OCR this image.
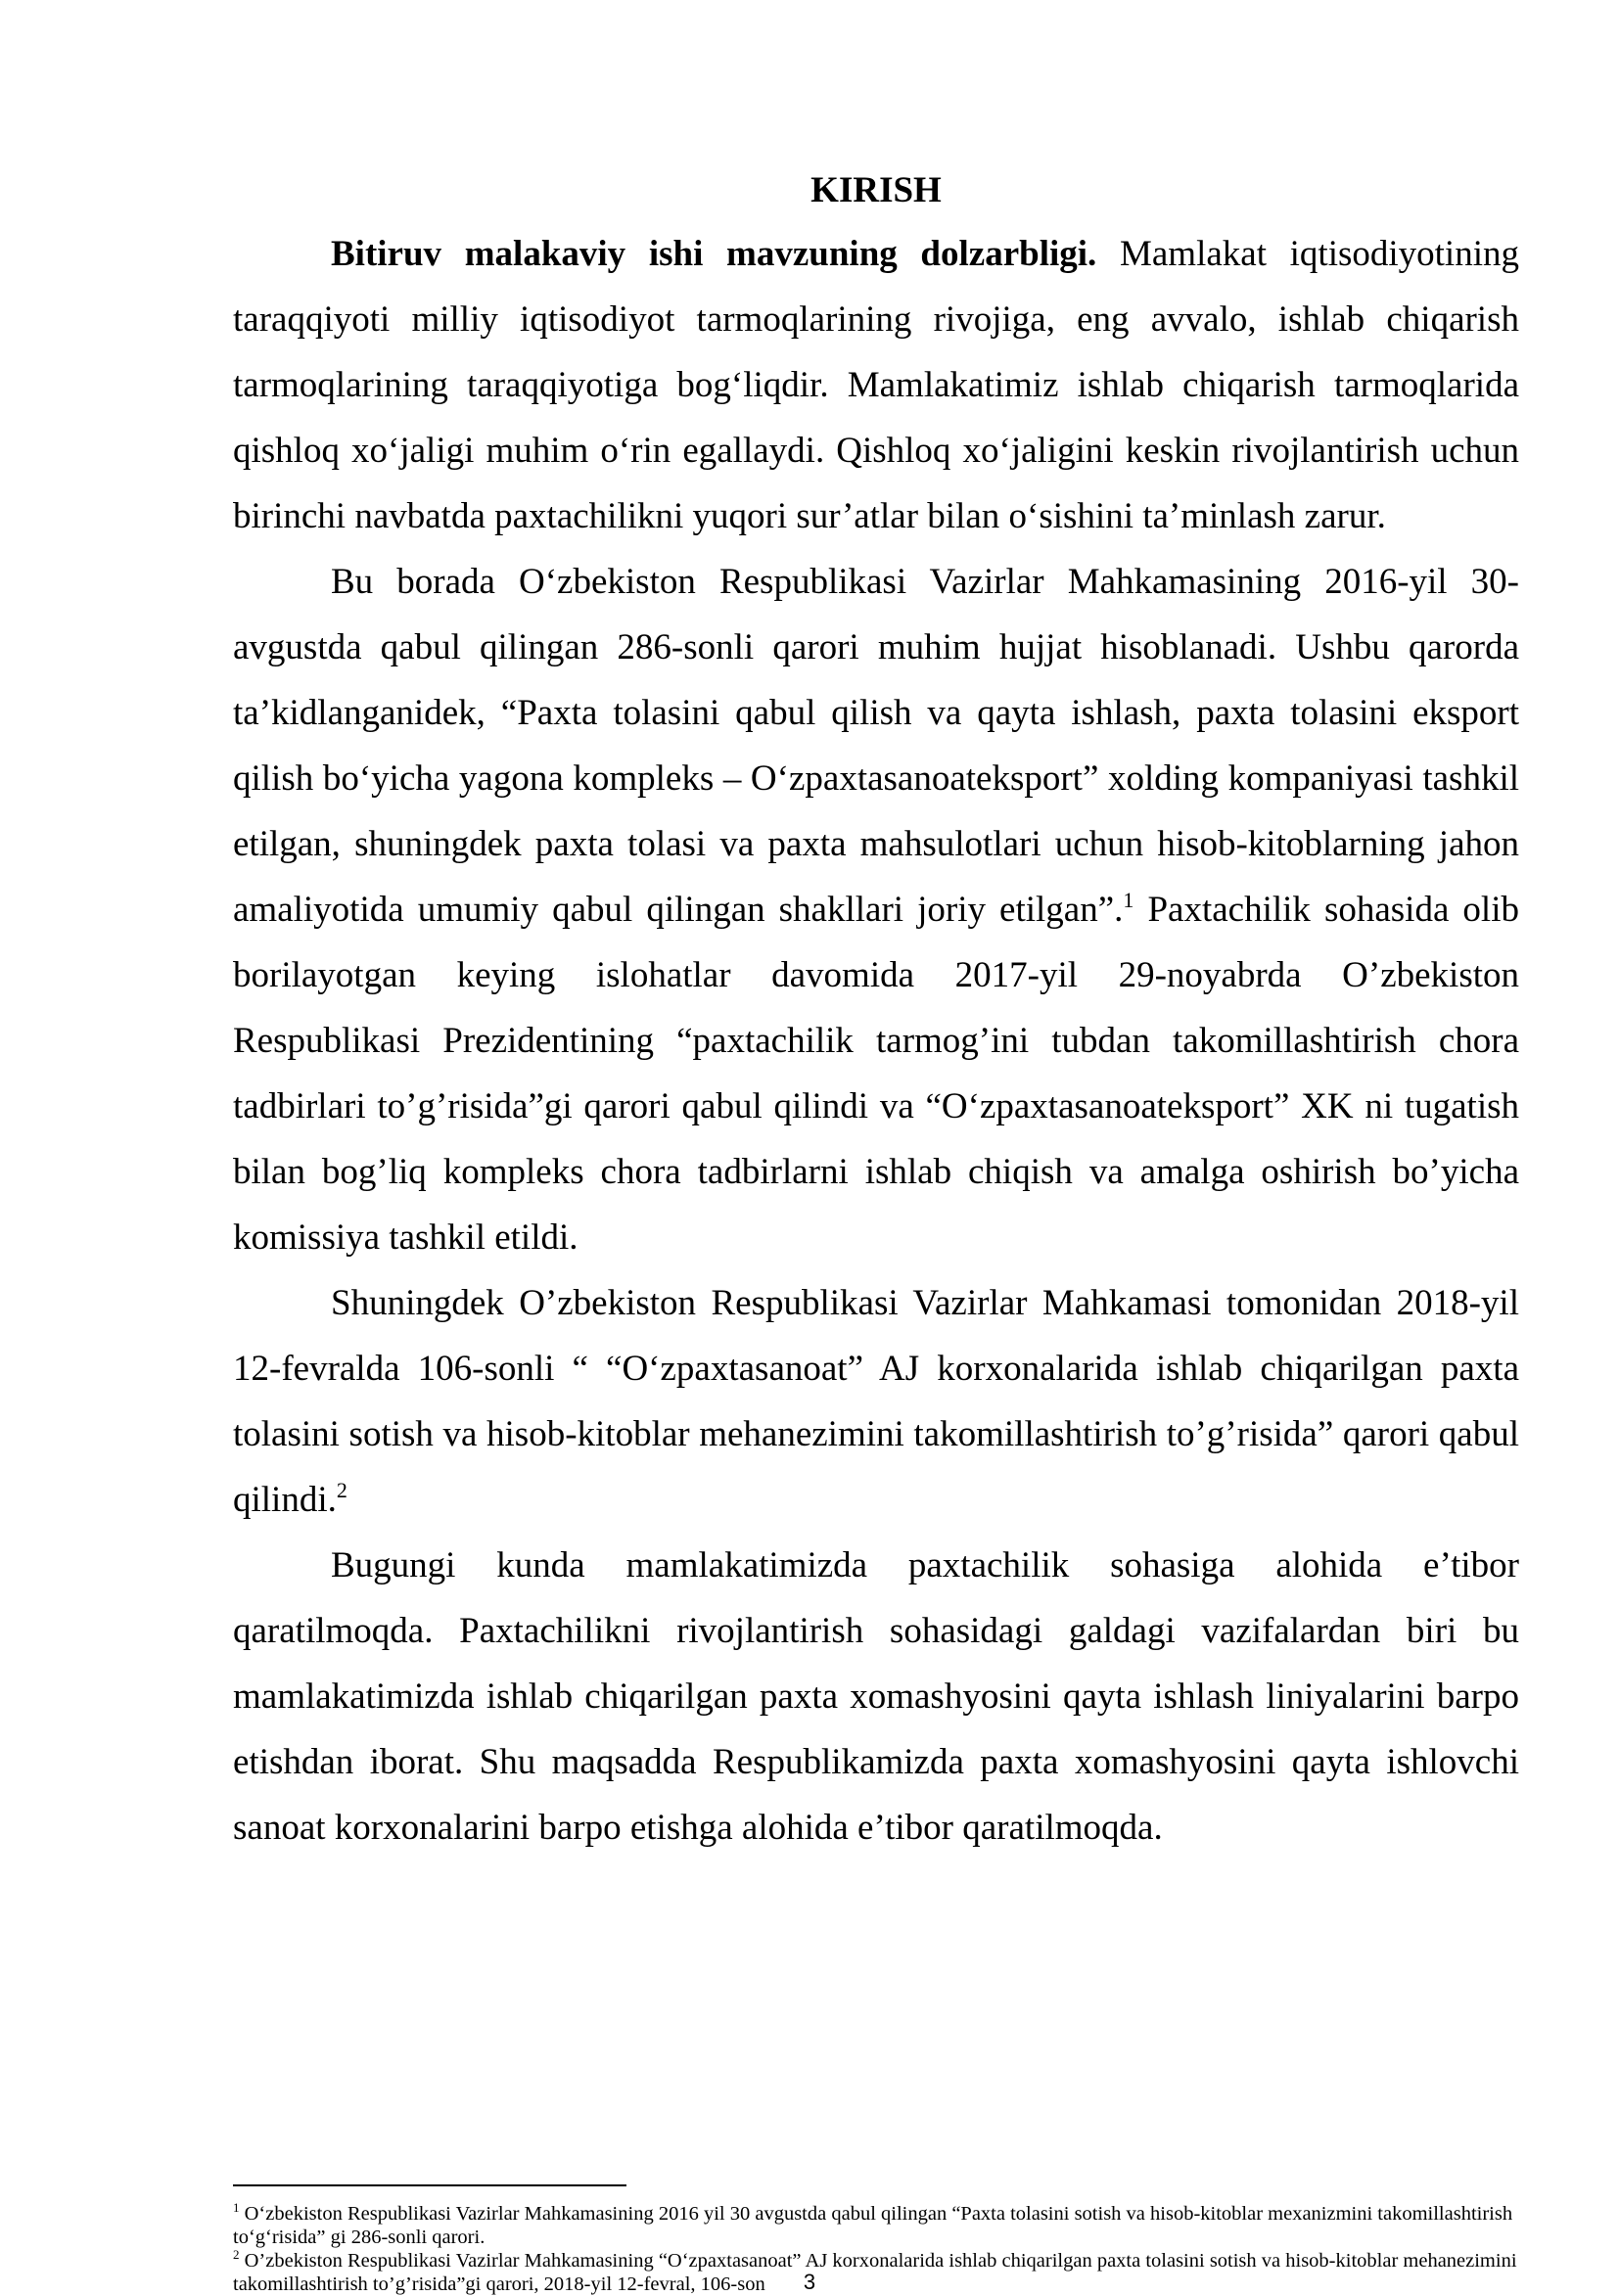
KIRISH

Bitiruv malakaviy ishi mavzuning dolzarbligi. Mamlakat iqtisodiyotining taraqqiyoti milliy iqtisodiyot tarmoqlarining rivojiga, eng avvalo, ishlab chiqarish tarmoqlarining taraqqiyotiga bog‘liqdir. Mamlakatimiz ishlab chiqarish tarmoqlarida qishloq xo‘jaligi muhim o‘rin egallaydi. Qishloq xo‘jaligini keskin rivojlantirish uchun birinchi navbatda paxtachilikni yuqori sur’atlar bilan o‘sishini ta’minlash zarur.

Bu borada O‘zbekiston Respublikasi Vazirlar Mahkamasining 2016-yil 30-avgustda qabul qilingan 286-sonli qarori muhim hujjat hisoblanadi. Ushbu qarorda ta’kidlanganidek, “Paxta tolasini qabul qilish va qayta ishlash, paxta tolasini eksport qilish bo‘yicha yagona kompleks – O‘zpaxtasanoateksport” xolding kompaniyasi tashkil etilgan, shuningdek paxta tolasi va paxta mahsulotlari uchun hisob-kitoblarning jahon amaliyotida umumiy qabul qilingan shakllari joriy etilgan”.$^1$ Paxtachilik sohasida olib borilayotgan keying islohatlar davomida 2017-yil 29-noyabrda O’zbekiston Respublikasi Prezidentining “paxtachilik tarmog’ini tubdan takomillashtirish chora tadbirlari to’g’risida”gi qarori qabul qilindi va “O‘zpaxtasanoateksport” XK ni tugatish bilan bog’liq kompleks chora tadbirlarni ishlab chiqish va amalga oshirish bo’yicha komissiya tashkil etildi.

Shuningdek O’zbekiston Respublikasi Vazirlar Mahkamasi tomonidan 2018-yil 12-fevralda 106-sonli “ “O‘zpaxtasanoat” AJ korxonalarida ishlab chiqarilgan paxta tolasini sotish va hisob-kitoblar mehanezimini takomillashtirish to’g’risida” qarori qabul qilindi.$^2$

Bugungi kunda mamlakatimizda paxtachilik sohasiga alohida e’tibor qaratilmoqda. Paxtachilikni rivojlantirish sohasidagi galdagi vazifalardan biri bu mamlakatimizda ishlab chiqarilgan paxta xomashyosini qayta ishlash liniyalarini barpo etishdan iborat. Shu maqsadda Respublikamizda paxta xomashyosini qayta ishlovchi sanoat korxonalarini barpo etishga alohida e’tibor qaratilmoqda.

$^1$ O‘zbekiston Respublikasi Vazirlar Mahkamasining 2016 yil 30 avgustda qabul qilingan “Paxta tolasini sotish va hisob-kitoblar mexanizmini takomillashtirish to‘g‘risida” gi 286-sonli qarori.

$^2$ O’zbekiston Respublikasi Vazirlar Mahkamasining “O‘zpaxtasanoat” AJ korxonalarida ishlab chiqarilgan paxta tolasini sotish va hisob-kitoblar mehanezimini takomillashtirish to’g’risida”gi qarori, 2018-yil 12-fevral, 106-son	3
